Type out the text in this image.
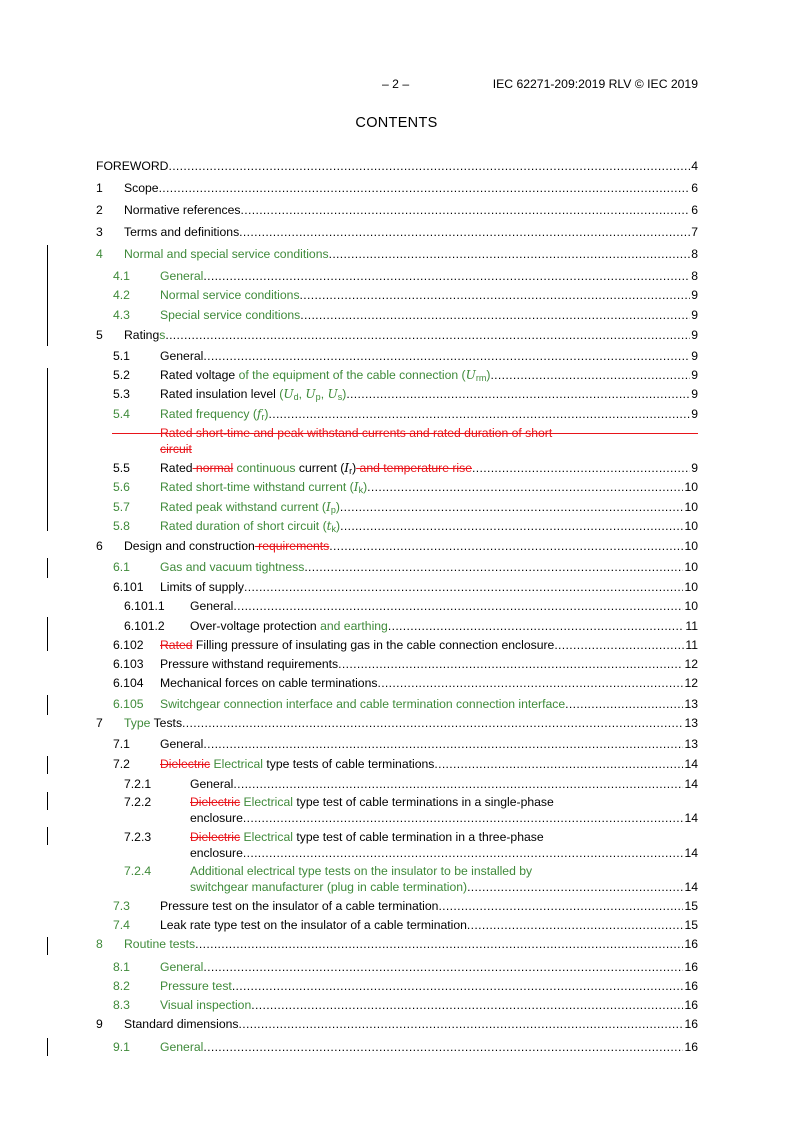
– 2 –	IEC 62271-209:2019 RLV © IEC 2019
CONTENTS
FOREWORD .....	4
1 Scope .....	6
2 Normative references .....	6
3 Terms and definitions .....	7
4 Normal and special service conditions .....	8
4.1 General .....	8
4.2 Normal service conditions .....	9
4.3 Special service conditions .....	9
5 Ratings .....	9
5.1 General .....	9
5.2 Rated voltage of the equipment of the cable connection $(U_{rm})$ .....	9
5.3 Rated insulation level ($U_d$, $U_p$, $U_s$) .....	9
5.4 Rated frequency $(f_r)$ .....	9
Rated short-time and peak withstand currents and rated duration of short
circuit
5.5 Rated normal continuous current $(I_r)$ and temperature rise .....	9
5.6 Rated short-time withstand current $(I_k)$ .....	10
5.7 Rated peak withstand current $(I_p)$ .....	10
5.8 Rated duration of short circuit $(t_k)$ .....	10
6 Design and construction requirements .....	10
6.1 Gas and vacuum tightness .....	10
6.101 Limits of supply .....	10
6.101.1 General .....	10
6.101.2 Over-voltage protection and earthing .....	11
6.102 Rated Filling pressure of insulating gas in the cable connection enclosure .....	11
6.103 Pressure withstand requirements .....	12
6.104 Mechanical forces on cable terminations .....	12
6.105 Switchgear connection interface and cable termination connection interface .....	13
7 Type Tests .....	13
7.1 General .....	13
7.2 Dielectric Electrical type tests of cable terminations .....	14
7.2.1	General .....	14
7.2.2	Dielectric Electrical type test of cable terminations in a single-phase
enclosure .....	14
7.2.3	Dielectric Electrical type test of cable termination in a three-phase
enclosure .....	14
7.2.4	Additional electrical type tests on the insulator to be installed by
switchgear manufacturer (plug in cable termination) .....	14
7.3 Pressure test on the insulator of a cable termination .....	15
7.4 Leak rate type test on the insulator of a cable termination .....	15
8 Routine tests .....	16
8.1 General .....	16
8.2 Pressure test .....	16
8.3 Visual inspection .....	16
9 Standard dimensions .....	16
9.1 General .....	16
